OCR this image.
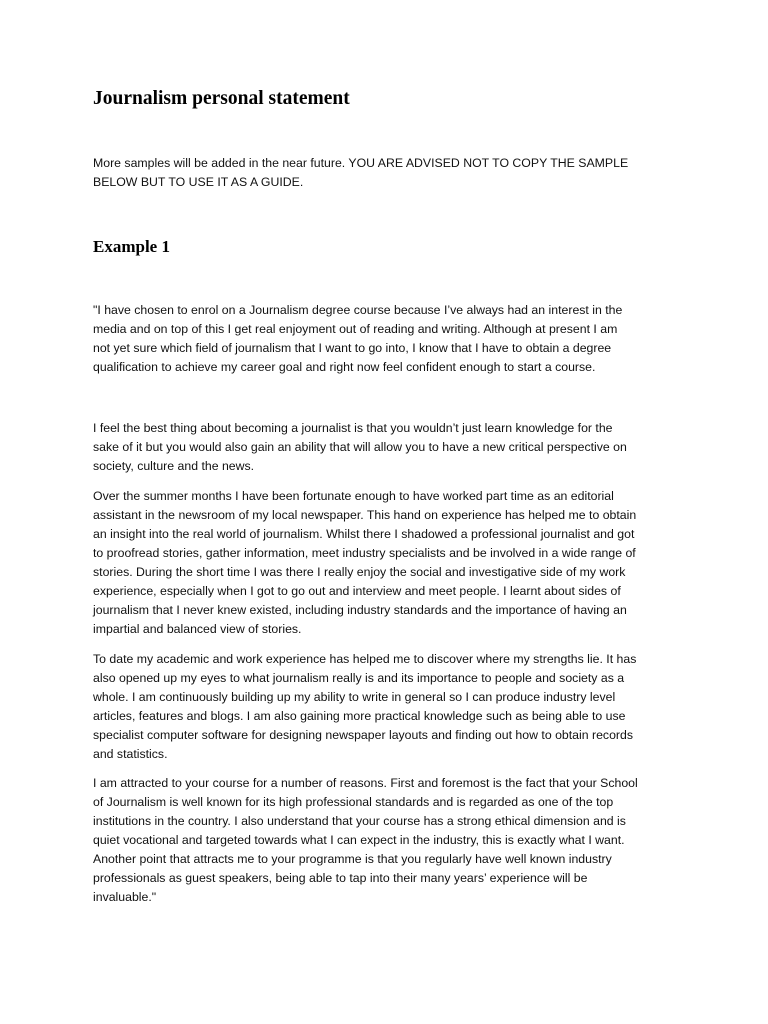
Journalism personal statement

More samples will be added in the near future. YOU ARE ADVISED NOT TO COPY THE SAMPLE
BELOW BUT TO USE IT AS A GUIDE.

Example 1

"I have chosen to enrol on a Journalism degree course because I’ve always had an interest in the
media and on top of this I get real enjoyment out of reading and writing. Although at present I am
not yet sure which field of journalism that I want to go into, I know that I have to obtain a degree
qualification to achieve my career goal and right now feel confident enough to start a course.

I feel the best thing about becoming a journalist is that you wouldn’t just learn knowledge for the
sake of it but you would also gain an ability that will allow you to have a new critical perspective on
society, culture and the news.

Over the summer months I have been fortunate enough to have worked part time as an editorial
assistant in the newsroom of my local newspaper. This hand on experience has helped me to obtain
an insight into the real world of journalism. Whilst there I shadowed a professional journalist and got
to proofread stories, gather information, meet industry specialists and be involved in a wide range of
stories. During the short time I was there I really enjoy the social and investigative side of my work
experience, especially when I got to go out and interview and meet people. I learnt about sides of
journalism that I never knew existed, including industry standards and the importance of having an
impartial and balanced view of stories.

To date my academic and work experience has helped me to discover where my strengths lie. It has
also opened up my eyes to what journalism really is and its importance to people and society as a
whole. I am continuously building up my ability to write in general so I can produce industry level
articles, features and blogs. I am also gaining more practical knowledge such as being able to use
specialist computer software for designing newspaper layouts and finding out how to obtain records
and statistics.

I am attracted to your course for a number of reasons. First and foremost is the fact that your School
of Journalism is well known for its high professional standards and is regarded as one of the top
institutions in the country. I also understand that your course has a strong ethical dimension and is
quiet vocational and targeted towards what I can expect in the industry, this is exactly what I want.
Another point that attracts me to your programme is that you regularly have well known industry
professionals as guest speakers, being able to tap into their many years’ experience will be
invaluable."
